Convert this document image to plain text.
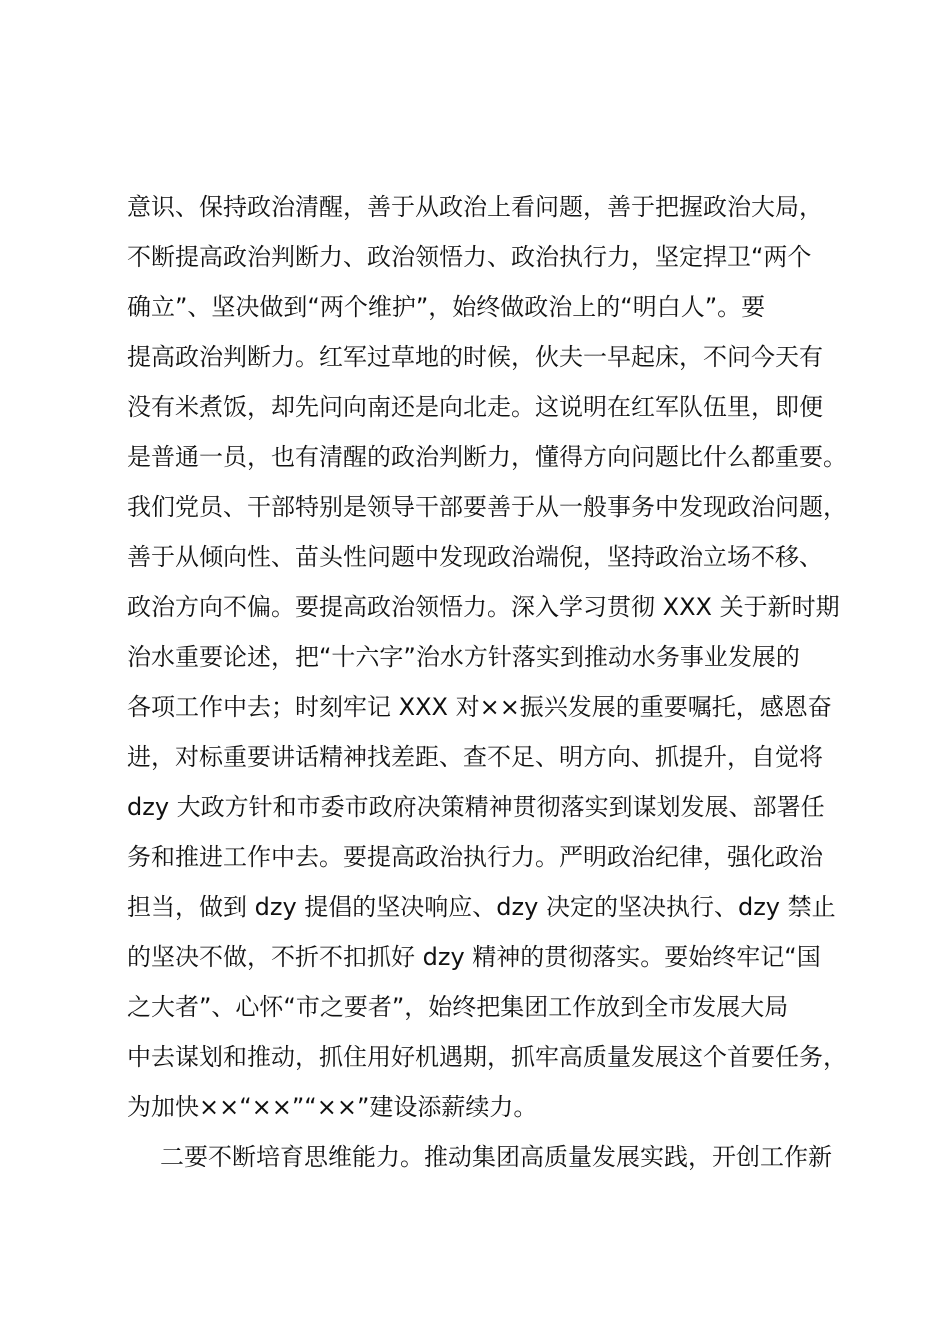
意识、保持政治清醒，善于从政治上看问题，善于把握政治大局，
不断提高政治判断力、政治领悟力、政治执行力，坚定捍卫“两个
确立”、坚决做到“两个维护”，始终做政治上的“明白人”。要
提高政治判断力。红军过草地的时候，伙夫一早起床，不问今天有
没有米煮饭，却先问向南还是向北走。这说明在红军队伍里，即便
是普通一员，也有清醒的政治判断力，懂得方向问题比什么都重要。
我们党员、干部特别是领导干部要善于从一般事务中发现政治问题，
善于从倾向性、苗头性问题中发现政治端倪，坚持政治立场不移、
政治方向不偏。要提高政治领悟力。深入学习贯彻 XXX 关于新时期
治水重要论述，把“十六字”治水方针落实到推动水务事业发展的
各项工作中去；时刻牢记 XXX 对××振兴发展的重要嘱托，感恩奋
进，对标重要讲话精神找差距、查不足、明方向、抓提升，自觉将
dzy 大政方针和市委市政府决策精神贯彻落实到谋划发展、部署任
务和推进工作中去。要提高政治执行力。严明政治纪律，强化政治
担当，做到 dzy 提倡的坚决响应、dzy 决定的坚决执行、dzy 禁止
的坚决不做，不折不扣抓好 dzy 精神的贯彻落实。要始终牢记“国
之大者”、心怀“市之要者”，始终把集团工作放到全市发展大局
中去谋划和推动，抓住用好机遇期，抓牢高质量发展这个首要任务，
为加快××“××”“××”建设添薪续力。
二要不断培育思维能力。推动集团高质量发展实践，开创工作新
